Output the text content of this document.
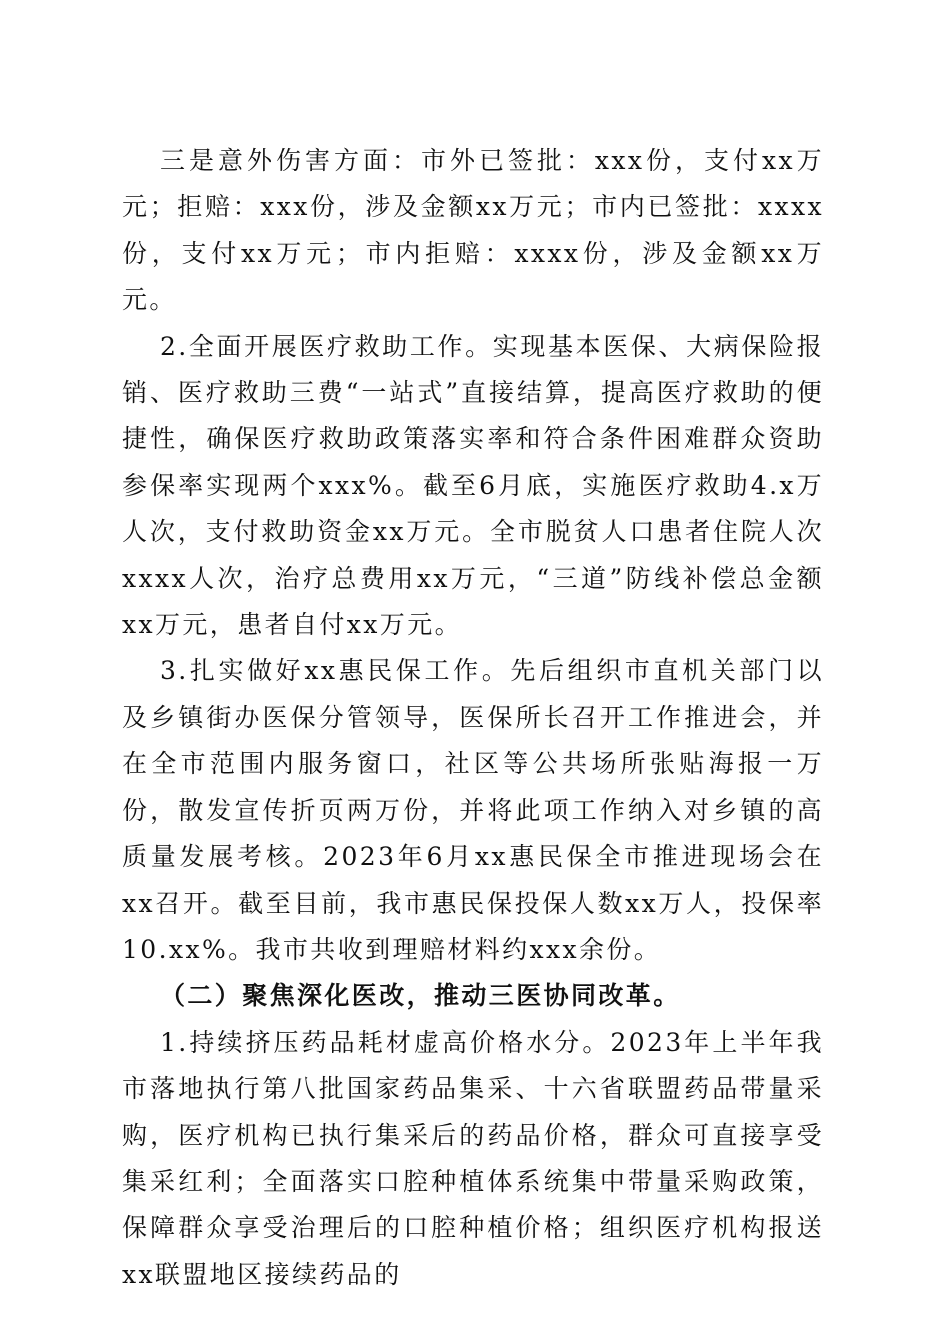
三是意外伤害方面：市外已签批：xxx份，支付xx万元；拒赔：xxx份，涉及金额xx万元；市内已签批：xxxx份，支付xx万元；市内拒赔：xxxx份，涉及金额xx万元。

2.全面开展医疗救助工作。实现基本医保、大病保险报销、医疗救助三费“一站式”直接结算，提高医疗救助的便捷性，确保医疗救助政策落实率和符合条件困难群众资助参保率实现两个xxx%。截至6月底，实施医疗救助4.x万人次，支付救助资金xx万元。全市脱贫人口患者住院人次xxxx人次，治疗总费用xx万元，“三道”防线补偿总金额xx万元，患者自付xx万元。

3.扎实做好xx惠民保工作。先后组织市直机关部门以及乡镇街办医保分管领导，医保所长召开工作推进会，并在全市范围内服务窗口，社区等公共场所张贴海报一万份，散发宣传折页两万份，并将此项工作纳入对乡镇的高质量发展考核。2023年6月xx惠民保全市推进现场会在xx召开。截至目前，我市惠民保投保人数xx万人，投保率10.xx%。我市共收到理赔材料约xxx余份。

（二）聚焦深化医改，推动三医协同改革。

1.持续挤压药品耗材虚高价格水分。2023年上半年我市落地执行第八批国家药品集采、十六省联盟药品带量采购，医疗机构已执行集采后的药品价格，群众可直接享受集采红利；全面落实口腔种植体系统集中带量采购政策，保障群众享受治理后的口腔种植价格；组织医疗机构报送xx联盟地区接续药品的
